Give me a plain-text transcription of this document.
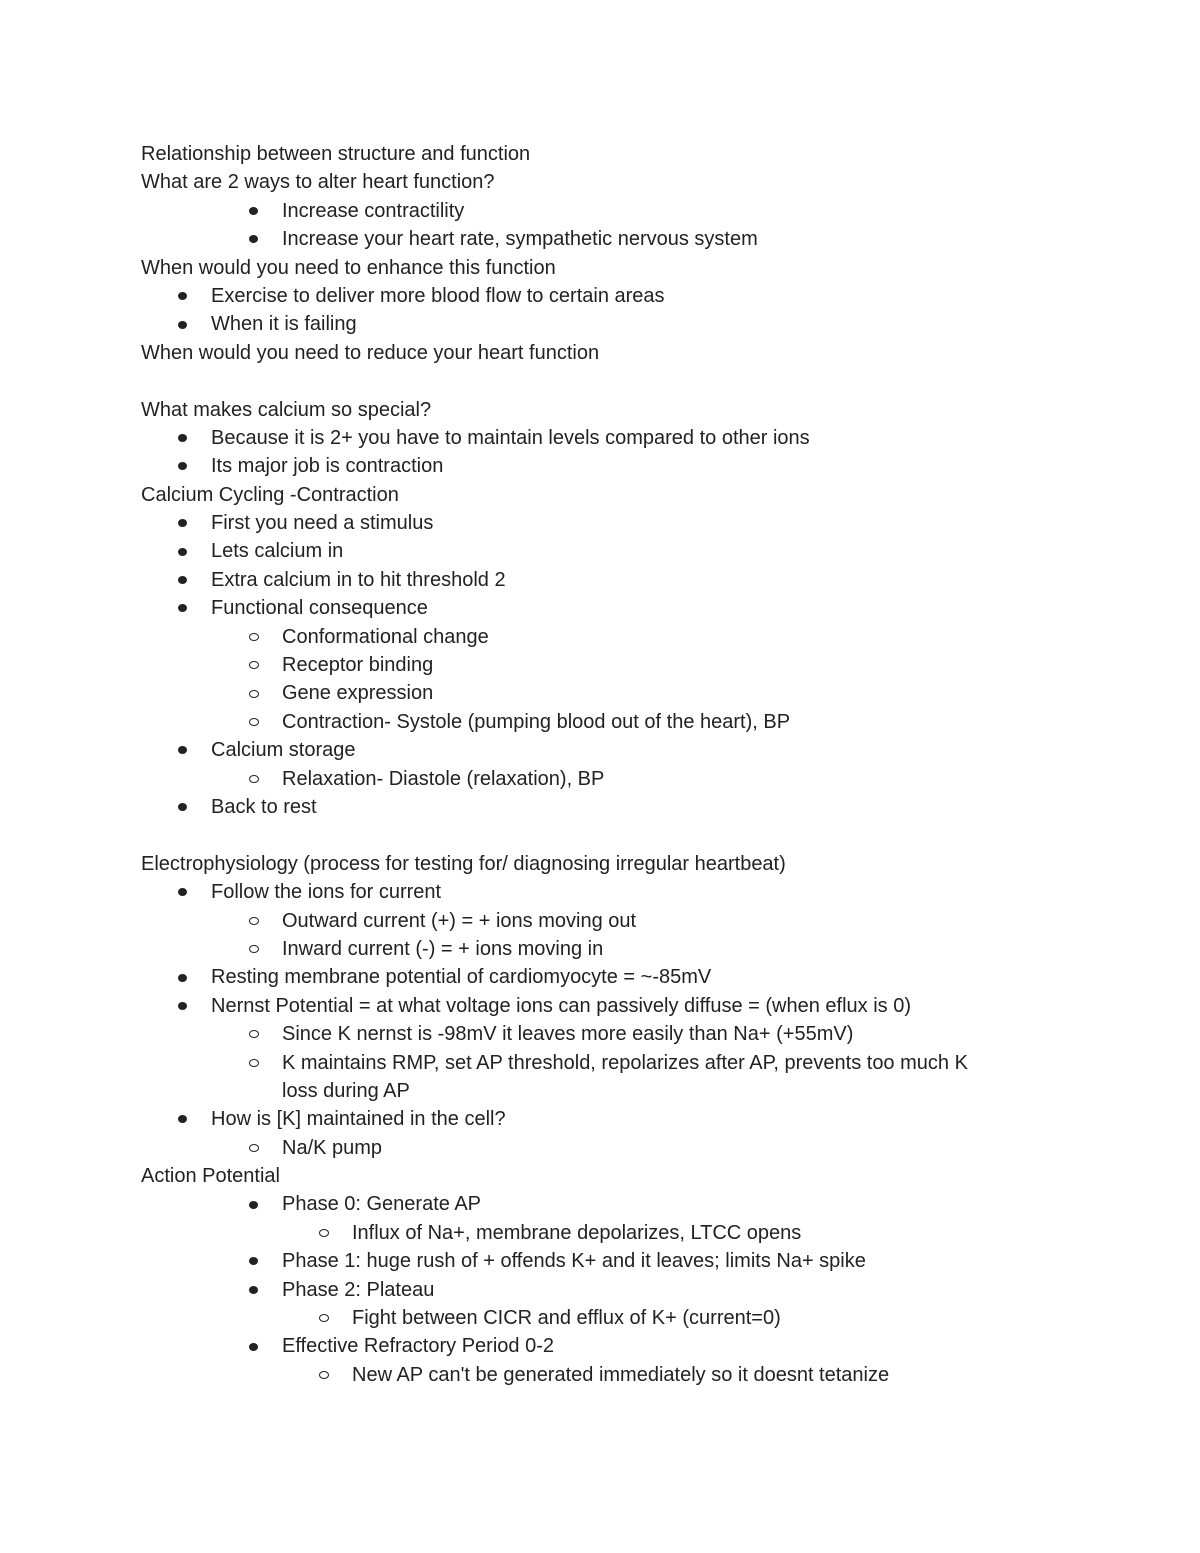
Relationship between structure and function
What are 2 ways to alter heart function?
Increase contractility
Increase your heart rate, sympathetic nervous system
When would you need to enhance this function
Exercise to deliver more blood flow to certain areas
When it is failing
When would you need to reduce your heart function
What makes calcium so special?
Because it is 2+ you have to maintain levels compared to other ions
Its major job is contraction
Calcium Cycling -Contraction
First you need a stimulus
Lets calcium in
Extra calcium in to hit threshold 2
Functional consequence
Conformational change
Receptor binding
Gene expression
Contraction- Systole (pumping blood out of the heart), BP
Calcium storage
Relaxation- Diastole (relaxation), BP
Back to rest
Electrophysiology (process for testing for/ diagnosing irregular heartbeat)
Follow the ions for current
Outward current (+) = + ions moving out
Inward current (-) = + ions moving in
Resting membrane potential of cardiomyocyte = ~-85mV
Nernst Potential = at what voltage ions can passively diffuse = (when eflux is 0)
Since K nernst is -98mV it leaves more easily than Na+ (+55mV)
K maintains RMP, set AP threshold, repolarizes after AP, prevents too much K
loss during AP
How is [K] maintained in the cell?
Na/K pump
Action Potential
Phase 0: Generate AP
Influx of Na+, membrane depolarizes, LTCC opens
Phase 1: huge rush of + offends K+ and it leaves; limits Na+ spike
Phase 2: Plateau
Fight between CICR and efflux of K+ (current=0)
Effective Refractory Period 0-2
New AP can't be generated immediately so it doesnt tetanize
